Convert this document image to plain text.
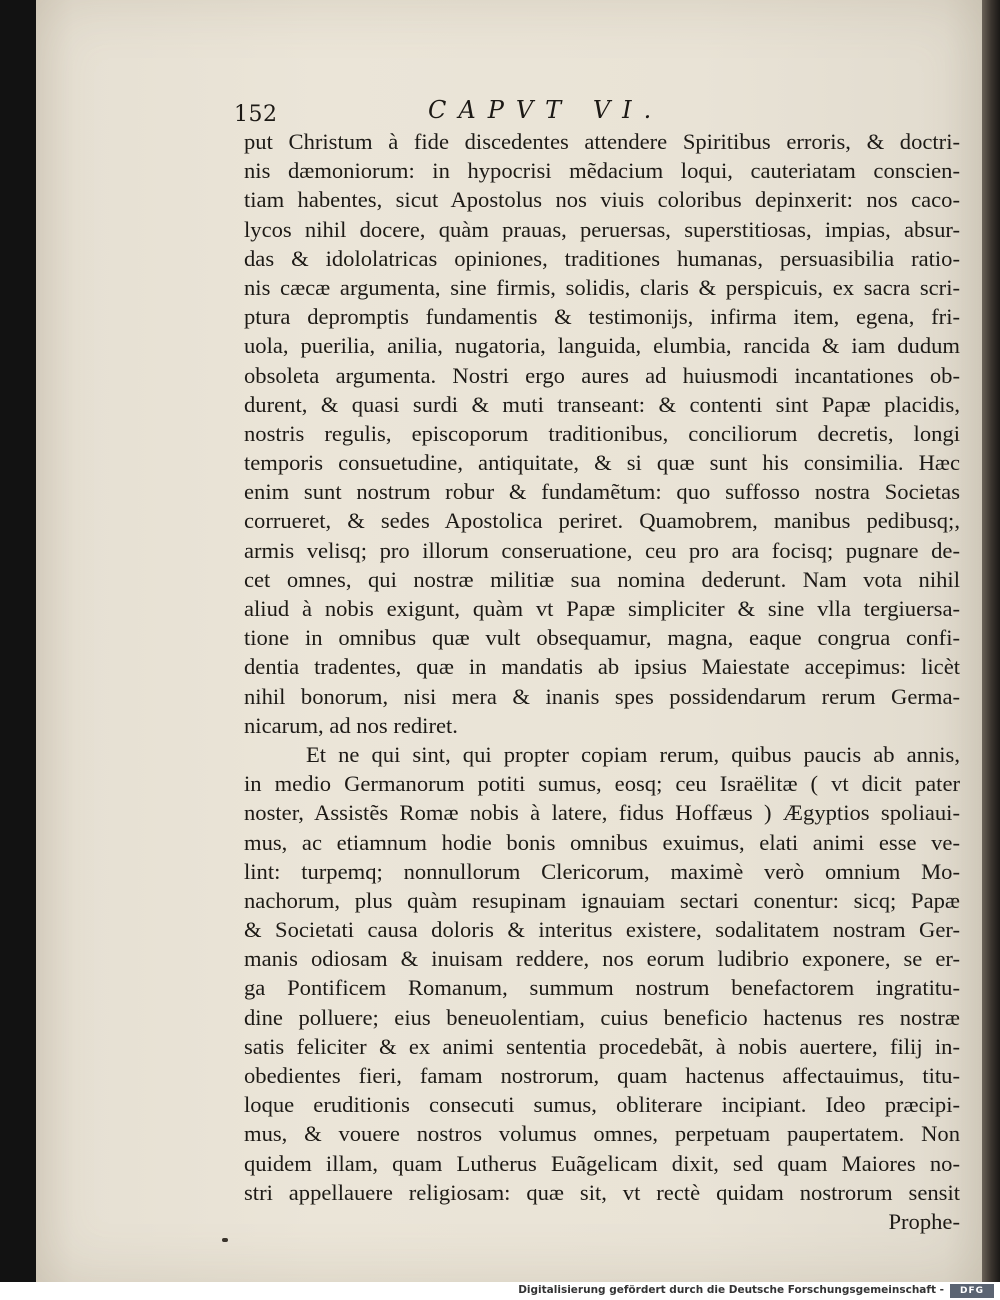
152	CAPVT VI.
put Christum à fide discedentes attendere Spiritibus erroris, & doctri-
nis dæmoniorum: in hypocrisi mẽdacium loqui, cauteriatam conscien-
tiam habentes, sicut Apostolus nos viuis coloribus depinxerit: nos caco-
lycos nihil docere, quàm prauas, peruersas, superstitiosas, impias, absur-
das & idololatricas opiniones, traditiones humanas, persuasibilia ratio-
nis cæcæ argumenta, sine firmis, solidis, claris & perspicuis, ex sacra scri-
ptura depromptis fundamentis & testimonijs, infirma item, egena, fri-
uola, puerilia, anilia, nugatoria, languida, elumbia, rancida & iam dudum
obsoleta argumenta. Nostri ergo aures ad huiusmodi incantationes ob-
durent, & quasi surdi & muti transeant: & contenti sint Papæ placidis,
nostris regulis, episcoporum traditionibus, conciliorum decretis, longi
temporis consuetudine, antiquitate, & si quæ sunt his consimilia. Hæc
enim sunt nostrum robur & fundamẽtum: quo suffosso nostra Societas
corrueret, & sedes Apostolica periret. Quamobrem, manibus pedibusq;,
armis velisq; pro illorum conseruatione, ceu pro ara focisq; pugnare de-
cet omnes, qui nostræ militiæ sua nomina dederunt. Nam vota nihil
aliud à nobis exigunt, quàm vt Papæ simpliciter & sine vlla tergiuersa-
tione in omnibus quæ vult obsequamur, magna, eaque congrua confi-
dentia tradentes, quæ in mandatis ab ipsius Maiestate accepimus: licèt
nihil bonorum, nisi mera & inanis spes possidendarum rerum Germa-
nicarum, ad nos rediret.
Et ne qui sint, qui propter copiam rerum, quibus paucis ab annis,
in medio Germanorum potiti sumus, eosq; ceu Israëlitæ ( vt dicit pater
noster, Assistẽs Romæ nobis à latere, fidus Hoffæus ) Ægyptios spoliaui-
mus, ac etiamnum hodie bonis omnibus exuimus, elati animi esse ve-
lint: turpemq; nonnullorum Clericorum, maximè verò omnium Mo-
nachorum, plus quàm resupinam ignauiam sectari conentur: sicq; Papæ
& Societati causa doloris & interitus existere, sodalitatem nostram Ger-
manis odiosam & inuisam reddere, nos eorum ludibrio exponere, se er-
ga Pontificem Romanum, summum nostrum benefactorem ingratitu-
dine polluere; eius beneuolentiam, cuius beneficio hactenus res nostræ
satis feliciter & ex animi sententia procedebãt, à nobis auertere, filij in-
obedientes fieri, famam nostrorum, quam hactenus affectauimus, titu-
loque eruditionis consecuti sumus, obliterare incipiant. Ideo præcipi-
mus, & vouere nostros volumus omnes, perpetuam paupertatem. Non
quidem illam, quam Lutherus Euãgelicam dixit, sed quam Maiores no-
stri appellauere religiosam: quæ sit, vt rectè quidam nostrorum sensit
Prophe-
Digitalisierung gefördert durch die Deutsche Forschungsgemeinschaft -	DFG
